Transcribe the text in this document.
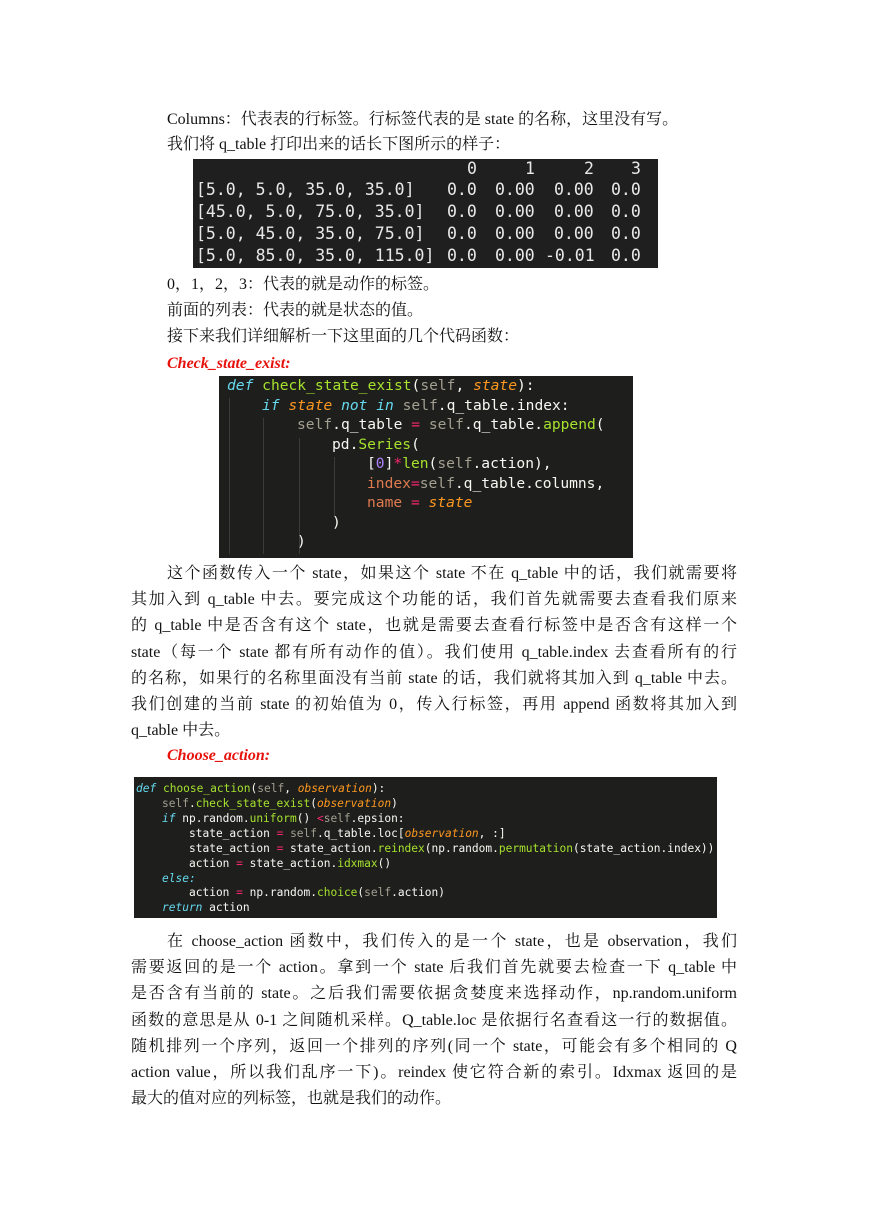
Columns：代表表的行标签。行标签代表的是 state 的名称，这里没有写。
我们将 q_table 打印出来的话长下图所示的样子：
0	1	2 3
[5.0, 5.0, 35.0, 35.0] 0.0 0.00 0.00 0.0
[45.0, 5.0, 75.0, 35.0] 0.0 0.00 0.00 0.0
[5.0, 45.0, 35.0, 75.0] 0.0 0.00 0.00 0.0
[5.0, 85.0, 35.0, 115.0] 0.0 0.00 -0.01 0.0
0，1，2，3：代表的就是动作的标签。
前面的列表：代表的就是状态的值。
接下来我们详细解析一下这里面的几个代码函数：
Check_state_exist:
def check_state_exist(self, state):
if state not in self.q_table.index:
self.q_table = self.q_table.append(
pd.Series(
[0]*len(self.action),
index=self.q_table.columns,
name = state
)
)
这个函数传入一个 state，如果这个 state 不在 q_table 中的话，我们就需要将
其加入到 q_table 中去。要完成这个功能的话，我们首先就需要去查看我们原来
的 q_table 中是否含有这个 state，也就是需要去查看行标签中是否含有这样一个
state（每一个 state 都有所有动作的值）。我们使用 q_table.index 去查看所有的行
的名称，如果行的名称里面没有当前 state 的话，我们就将其加入到 q_table 中去。
我们创建的当前 state 的初始值为 0，传入行标签，再用 append 函数将其加入到
q_table 中去。
Choose_action:
def choose_action(self, observation):
self.check_state_exist(observation)
if np.random.uniform() <self.epsion:
state_action = self.q_table.loc[observation, :]
state_action = state_action.reindex(np.random.permutation(state_action.index))
action = state_action.idxmax()
else:
action = np.random.choice(self.action)
return action
在 choose_action 函数中，我们传入的是一个 state，也是 observation，我们
需要返回的是一个 action。拿到一个 state 后我们首先就要去检查一下 q_table 中
是否含有当前的 state。之后我们需要依据贪婪度来选择动作，np.random.uniform
函数的意思是从 0-1 之间随机采样。Q_table.loc 是依据行名查看这一行的数据值。
随机排列一个序列，返回一个排列的序列(同一个 state，可能会有多个相同的 Q
action value，所以我们乱序一下)。reindex 使它符合新的索引。Idxmax 返回的是
最大的值对应的列标签，也就是我们的动作。
